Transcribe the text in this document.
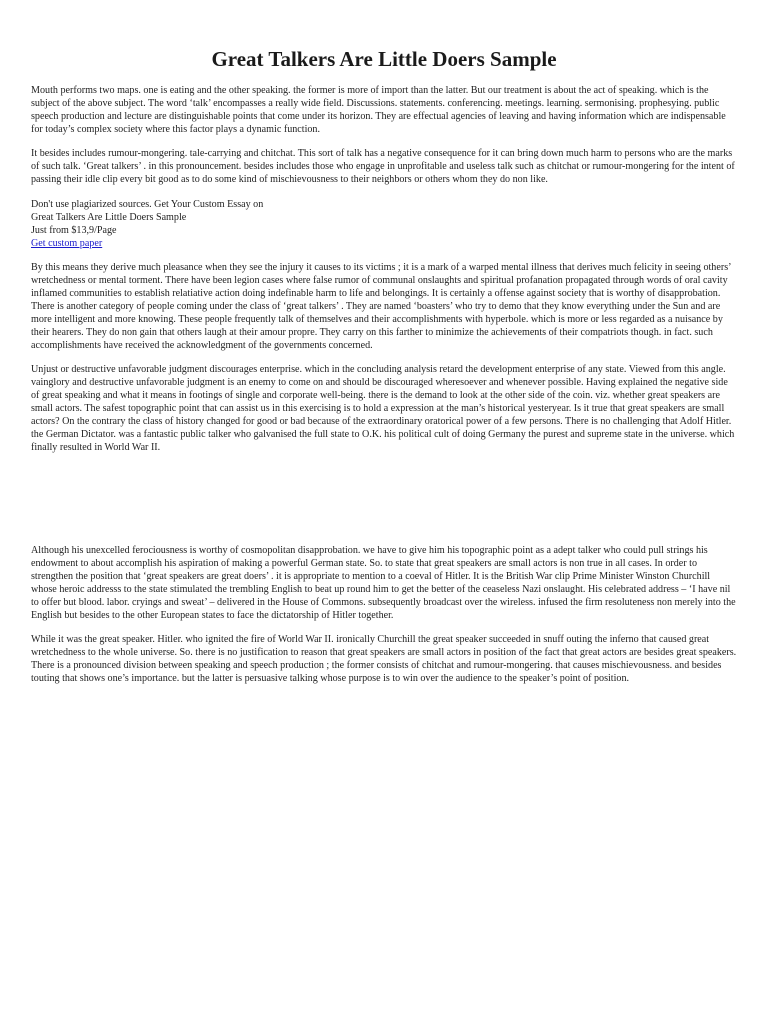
Great Talkers Are Little Doers Sample

Mouth performs two maps. one is eating and the other speaking. the former is more of import than the latter. But our treatment is about the act of speaking. which is the subject of the above subject. The word ‘talk’ encompasses a really wide field. Discussions. statements. conferencing. meetings. learning. sermonising. prophesying. public speech production and lecture are distinguishable points that come under its horizon. They are effectual agencies of leaving and having information which are indispensable for today’s complex society where this factor plays a dynamic function.

It besides includes rumour-mongering. tale-carrying and chitchat. This sort of talk has a negative consequence for it can bring down much harm to persons who are the marks of such talk. ‘Great talkers’ . in this pronouncement. besides includes those who engage in unprofitable and useless talk such as chitchat or rumour-mongering for the intent of passing their idle clip every bit good as to do some kind of mischievousness to their neighbors or others whom they do non like.

Don't use plagiarized sources. Get Your Custom Essay on
Great Talkers Are Little Doers Sample
Just from $13,9/Page
Get custom paper

By this means they derive much pleasance when they see the injury it causes to its victims ; it is a mark of a warped mental illness that derives much felicity in seeing others’ wretchedness or mental torment. There have been legion cases where false rumor of communal onslaughts and spiritual profanation propagated through words of oral cavity inflamed communities to establish relatiative action doing indefinable harm to life and belongings. It is certainly a offense against society that is worthy of disapprobation. There is another category of people coming under the class of ‘great talkers’ . They are named ‘boasters’ who try to demo that they know everything under the Sun and are more intelligent and more knowing. These people frequently talk of themselves and their accomplishments with hyperbole. which is more or less regarded as a nuisance by their hearers. They do non gain that others laugh at their amour propre. They carry on this farther to minimize the achievements of their compatriots though. in fact. such accomplishments have received the acknowledgment of the governments concerned.

Unjust or destructive unfavorable judgment discourages enterprise. which in the concluding analysis retard the development enterprise of any state. Viewed from this angle. vainglory and destructive unfavorable judgment is an enemy to come on and should be discouraged wheresoever and whenever possible. Having explained the negative side of great speaking and what it means in footings of single and corporate well-being. there is the demand to look at the other side of the coin. viz. whether great speakers are small actors. The safest topographic point that can assist us in this exercising is to hold a expression at the man’s historical yesteryear. Is it true that great speakers are small actors? On the contrary the class of history changed for good or bad because of the extraordinary oratorical power of a few persons. There is no challenging that Adolf Hitler. the German Dictator. was a fantastic public talker who galvanised the full state to O.K. his political cult of doing Germany the purest and supreme state in the universe. which finally resulted in World War II.

Although his unexcelled ferociousness is worthy of cosmopolitan disapprobation. we have to give him his topographic point as a adept talker who could pull strings his endowment to about accomplish his aspiration of making a powerful German state. So. to state that great speakers are small actors is non true in all cases. In order to strengthen the position that ‘great speakers are great doers’ . it is appropriate to mention to a coeval of Hitler. It is the British War clip Prime Minister Winston Churchill whose heroic addresss to the state stimulated the trembling English to beat up round him to get the better of the ceaseless Nazi onslaught. His celebrated address – ‘I have nil to offer but blood. labor. cryings and sweat’ – delivered in the House of Commons. subsequently broadcast over the wireless. infused the firm resoluteness non merely into the English but besides to the other European states to face the dictatorship of Hitler together.

While it was the great speaker. Hitler. who ignited the fire of World War II. ironically Churchill the great speaker succeeded in snuff outing the inferno that caused great wretchedness to the whole universe. So. there is no justification to reason that great speakers are small actors in position of the fact that great actors are besides great speakers. There is a pronounced division between speaking and speech production ; the former consists of chitchat and rumour-mongering. that causes mischievousness. and besides touting that shows one’s importance. but the latter is persuasive talking whose purpose is to win over the audience to the speaker’s point of position.
